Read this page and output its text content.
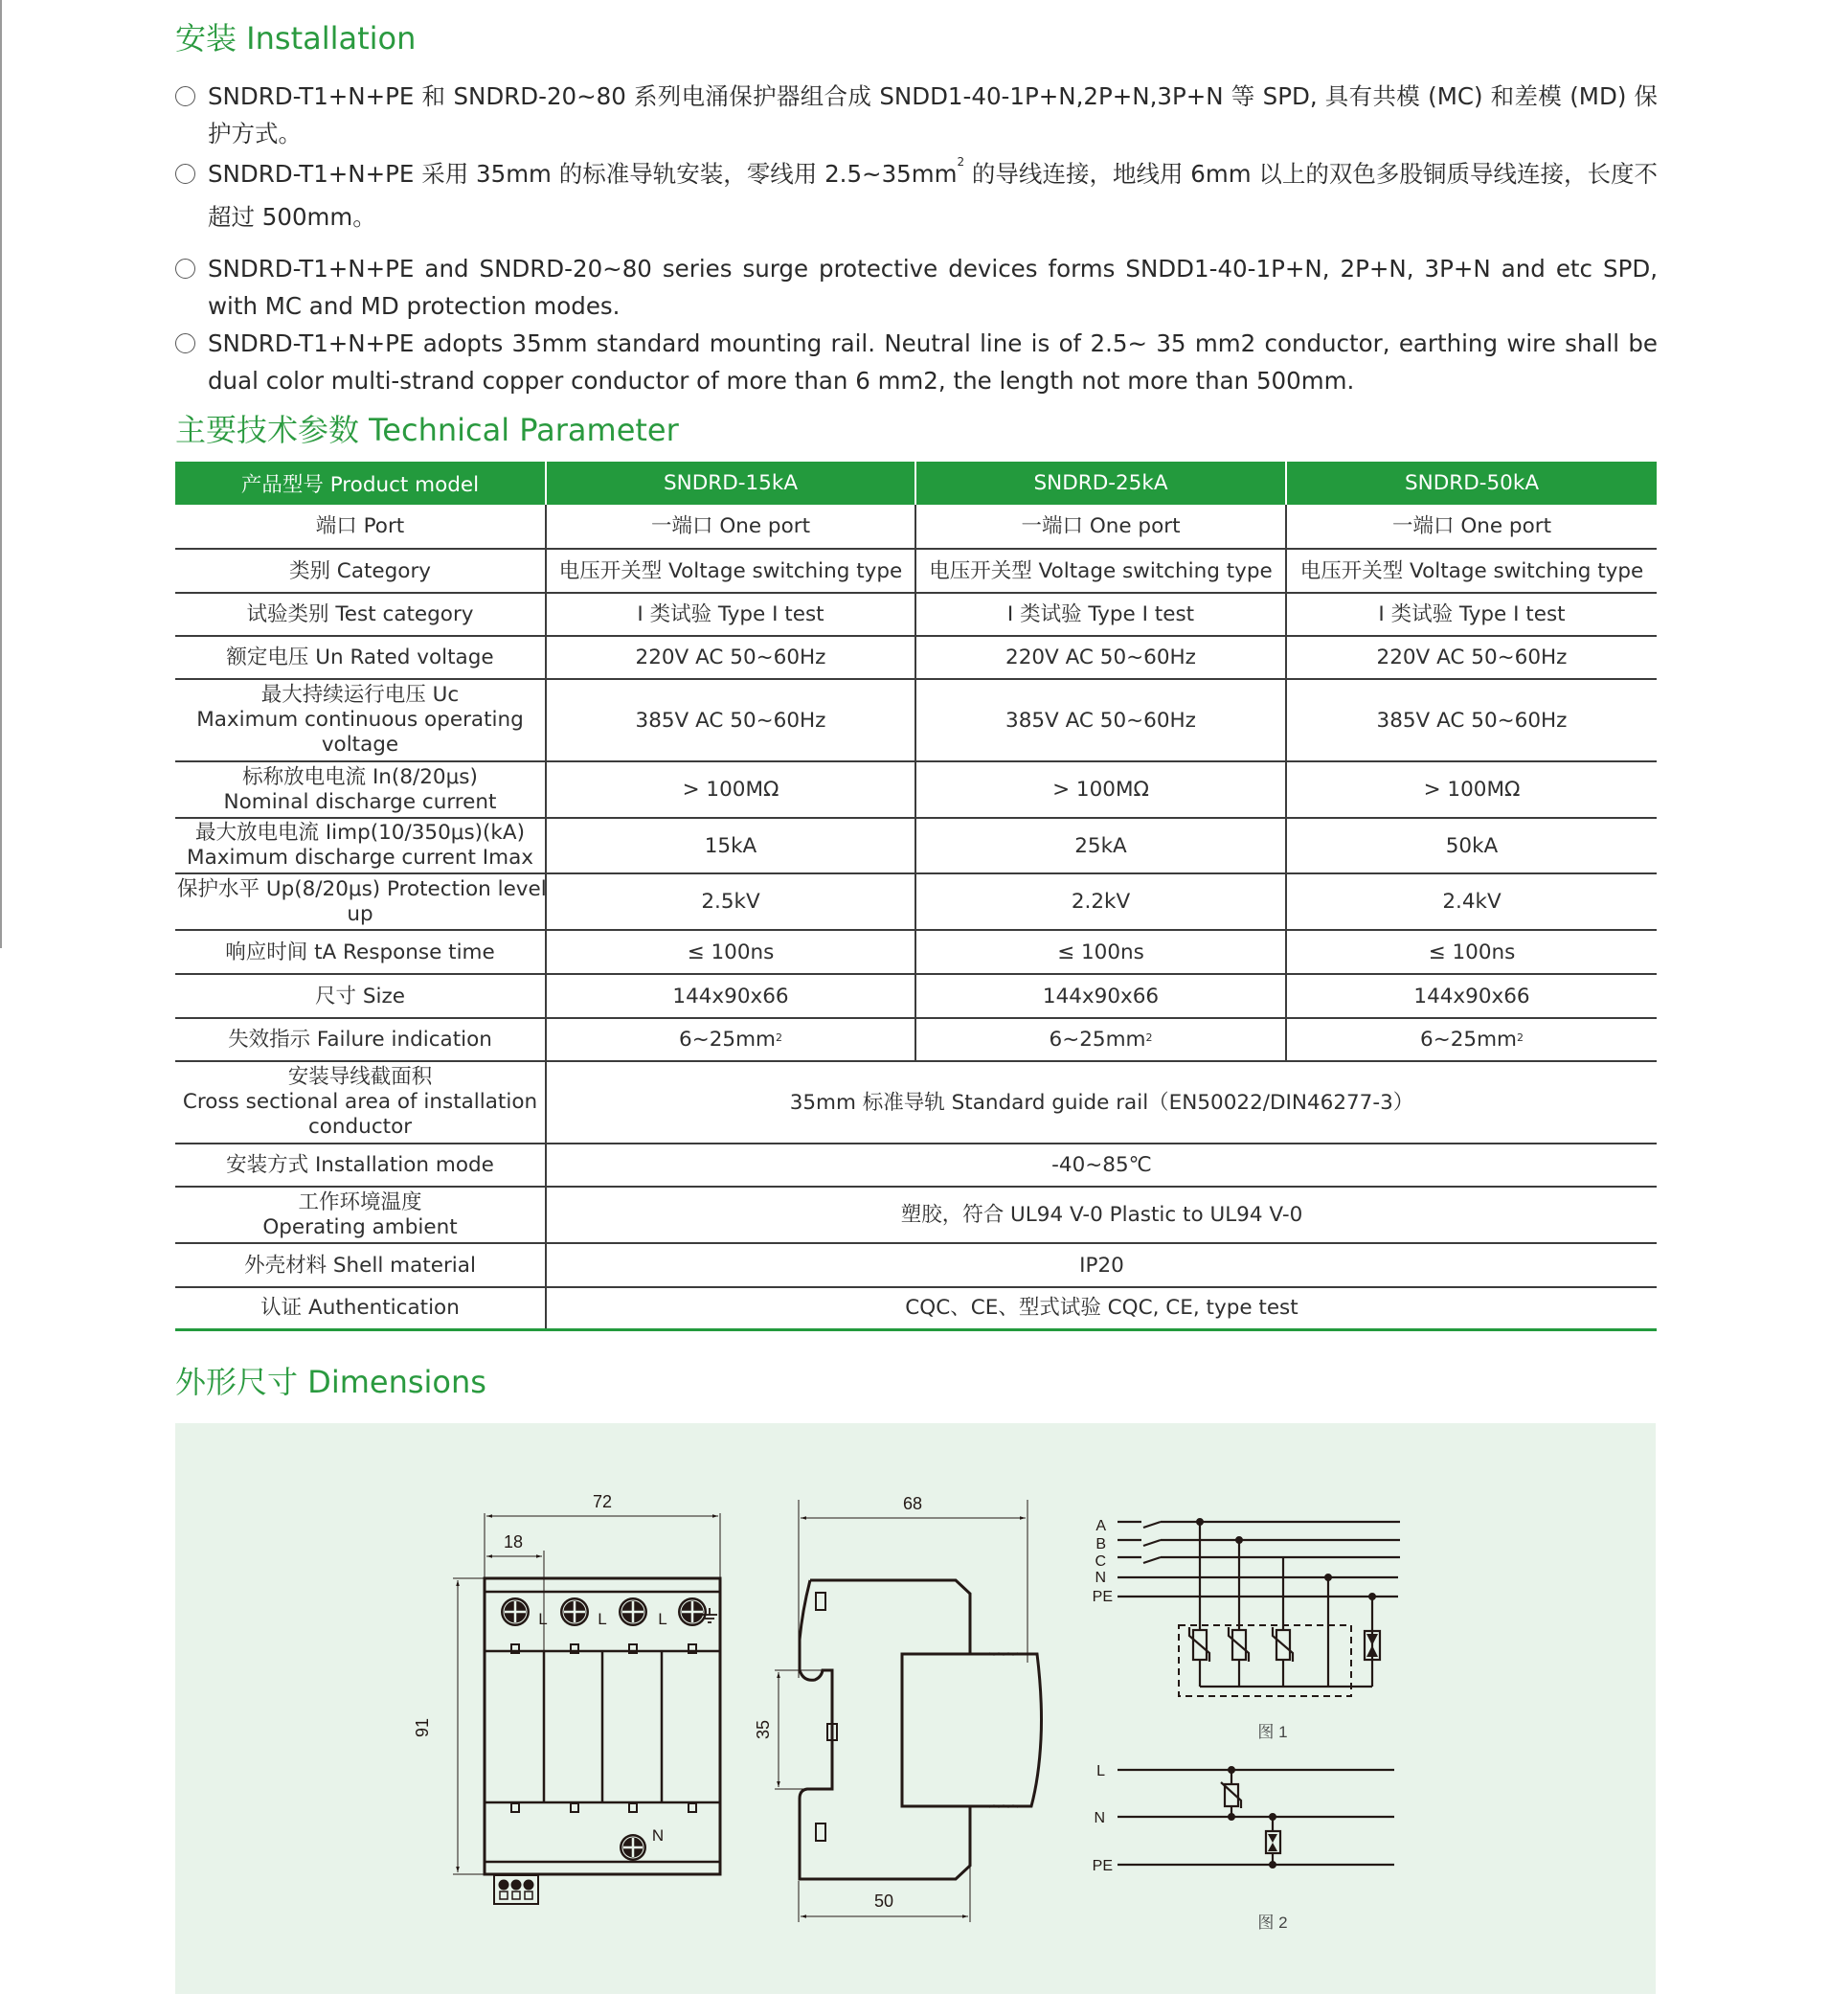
安装 Installation
SNDRD-T1+N+PE 和 SNDRD-20~80 系列电涌保护器组合成 SNDD1-40-1P+N,2P+N,3P+N 等 SPD, 具有共模 (MC) 和差模 (MD) 保护方式。
SNDRD-T1+N+PE 采用 35mm 的标准导轨安装，零线用 $2.5\sim 35mm^2$ 的导线连接，地线用 6mm 以上的双色多股铜质导线连接，长度不超过 500mm。
SNDRD-T1+N+PE and SNDRD-20~80 series surge protective devices forms SNDD1-40-1P+N, 2P+N, 3P+N and etc SPD, with MC and MD protection modes.
SNDRD-T1+N+PE adopts 35mm standard mounting rail. Neutral line is of 2.5~ 35 mm2 conductor, earthing wire shall be dual color multi-strand copper conductor of more than 6 mm2, the length not more than 500mm.
主要技术参数 Technical Parameter
产品型号 Product model	SNDRD-15kA	SNDRD-25kA	SNDRD-50kA

端口 Port	一端口 One port	一端口 One port	一端口 One port

类别 Category	电压开关型 Voltage switching type	电压开关型 Voltage switching type	电压开关型 Voltage switching type

试验类别 Test category	I 类试验 Type I test	I 类试验 Type I test	I 类试验 Type I test

额定电压 Un Rated voltage	220V AC 50~60Hz	220V AC 50~60Hz	220V AC 50~60Hz

最大持续运行电压 Uc
Maximum continuous operating
voltage	385V AC 50~60Hz	385V AC 50~60Hz	385V AC 50~60Hz

标称放电电流 In(8/20μs)
Nominal discharge current	> 100MΩ	> 100MΩ	> 100MΩ

最大放电电流 Iimp(10/350μs)(kA)
Maximum discharge current Imax	15kA	25kA	50kA

保护水平 Up(8/20μs) Protection level
up	2.5kV	2.2kV	2.4kV

响应时间 tA Response time	≤ 100ns	≤ 100ns	≤ 100ns

尺寸 Size	144x90x66	144x90x66	144x90x66

失效指示 Failure indication	$6\sim 25mm^2$	$6\sim 25mm^2$	$6\sim 25mm^2$

安装导线截面积
Cross sectional area of installation
conductor	35mm 标准导轨 Standard guide rail（EN50022/DIN46277-3）		

安装方式 Installation mode	-40~85℃		

工作环境温度
Operating ambient	塑胶，符合 UL94 V-0 Plastic to UL94 V-0		

外壳材料 Shell material	IP20		

认证 Authentication	CQC、CE、型式试验 CQC, CE, type test		
外形尺寸 Dimensions
72
18
91
L	L	L
N
68
35
50
A
B
C
N
PE
图 1
L
N
PE
图 2
